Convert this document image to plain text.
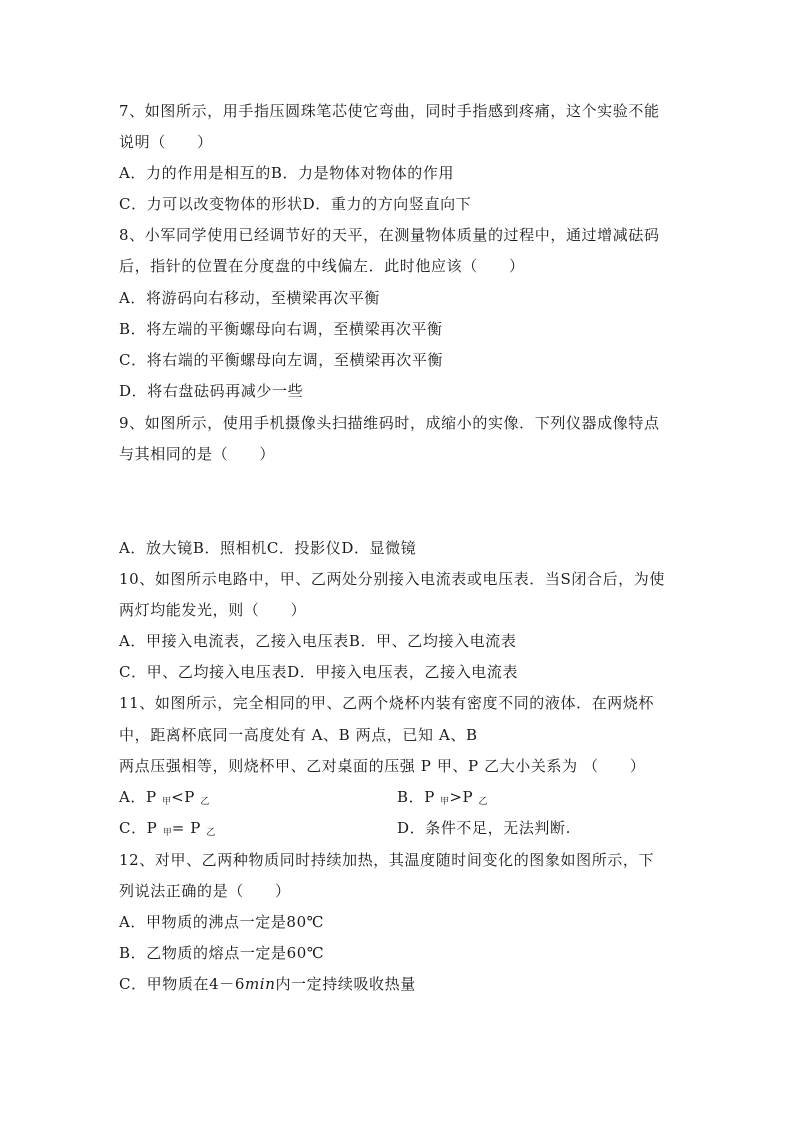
7、如图所示，用手指压圆珠笔芯使它弯曲，同时手指感到疼痛，这个实验不能
说明（　　）
A．力的作用是相互的B．力是物体对物体的作用
C．力可以改变物体的形状D．重力的方向竖直向下
8、小军同学使用已经调节好的天平，在测量物体质量的过程中，通过增减砝码
后，指针的位置在分度盘的中线偏左．此时他应该（　　）
A．将游码向右移动，至横梁再次平衡
B．将左端的平衡螺母向右调，至横梁再次平衡
C．将右端的平衡螺母向左调，至横梁再次平衡
D．将右盘砝码再减少一些
9、如图所示，使用手机摄像头扫描维码时，成缩小的实像．下列仪器成像特点
与其相同的是（　　）
A．放大镜B．照相机C．投影仪D．显微镜
10、如图所示电路中，甲、乙两处分别接入电流表或电压表．当S闭合后，为使
两灯均能发光，则（　　）
A．甲接入电流表，乙接入电压表B．甲、乙均接入电流表
C．甲、乙均接入电压表D．甲接入电压表，乙接入电流表
11、如图所示，完全相同的甲、乙两个烧杯内装有密度不同的液体．在两烧杯
中，距离杯底同一高度处有 A、B 两点，已知 A、B
两点压强相等，则烧杯甲、乙对桌面的压强 P 甲、P 乙大小关系为 （　　）
A．P $_甲$<P $_乙$	B．P $_甲$>P $_乙$
C．P $_甲$= P $_乙$	D．条件不足，无法判断.
12、对甲、乙两种物质同时持续加热，其温度随时间变化的图象如图所示，下
列说法正确的是（　　）
A．甲物质的沸点一定是80℃
B．乙物质的熔点一定是60℃
C．甲物质在4－6min内一定持续吸收热量
